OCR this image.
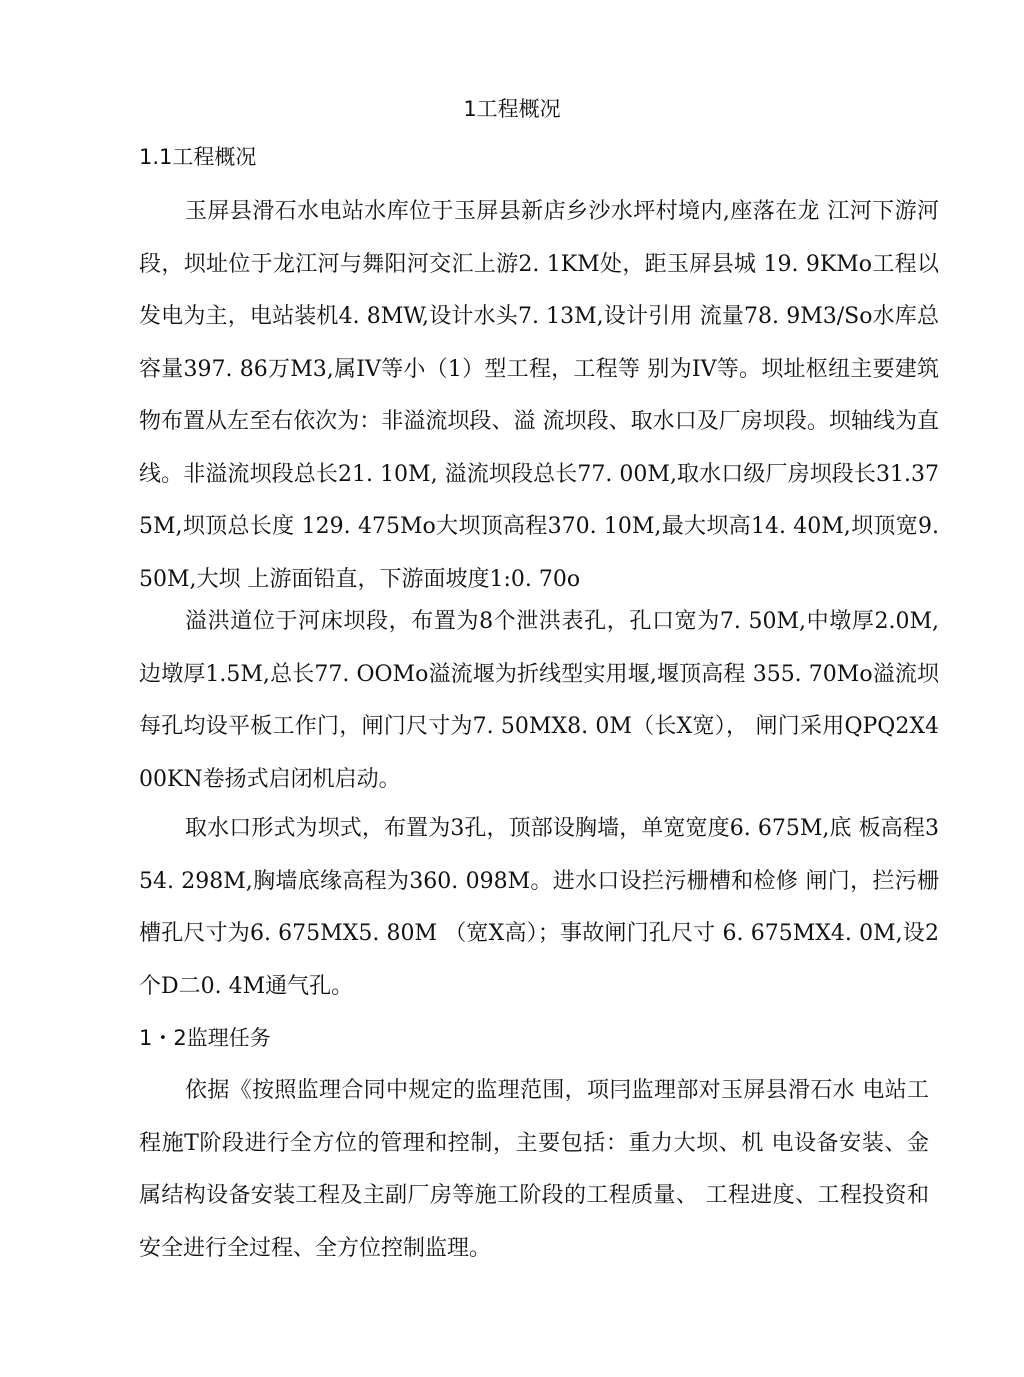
1工程概况
1.1工程概况

玉屏县滑石水电站水库位于玉屏县新店乡沙水坪村境内,座落在龙 江河下游河段，坝址位于龙江河与舞阳河交汇上游2. 1KM处，距玉屏县城 19. 9KMo工程以发电为主，电站装机4. 8MW,设计水头7. 13M,设计引用 流量78. 9M3/So水库总容量397. 86万M3,属IV等小（1）型工程，工程等 别为IV等。坝址枢纽主要建筑物布置从左至右依次为：非溢流坝段、溢 流坝段、取水口及厂房坝段。坝轴线为直线。非溢流坝段总长21. 10M, 溢流坝段总长77. 00M,取水口级厂房坝段长31.375M,坝顶总长度 129. 475Mo大坝顶高程370. 10M,最大坝高14. 40M,坝顶宽9. 50M,大坝 上游面铅直，下游面坡度1:0. 70o

溢洪道位于河床坝段，布置为8个泄洪表孔，孔口宽为7. 50M,中墩厚2.0M,边墩厚1.5M,总长77. OOMo溢流堰为折线型实用堰,堰顶高程 355. 70Mo溢流坝每孔均设平板工作门，闸门尺寸为7. 50MX8. 0M（长X宽）， 闸门采用QPQ2X400KN卷扬式启闭机启动。

取水口形式为坝式，布置为3孔，顶部设胸墙，单宽宽度6. 675M,底 板高程354. 298M,胸墙底缘高程为360. 098M。进水口设拦污栅槽和检修 闸门，拦污栅槽孔尺寸为6. 675MX5. 80M （宽X高）；事故闸门孔尺寸 6. 675MX4. 0M,设2个D二0. 4M通气孔。

1・2监理任务

依据《按照监理合同中规定的监理范围，项冃监理部对玉屏县滑石水 电站工程施T阶段进行全方位的管理和控制，主要包括：重力大坝、机 电设备安装、金属结构设备安装工程及主副厂房等施工阶段的工程质量、 工程进度、工程投资和安全进行全过程、全方位控制监理。
